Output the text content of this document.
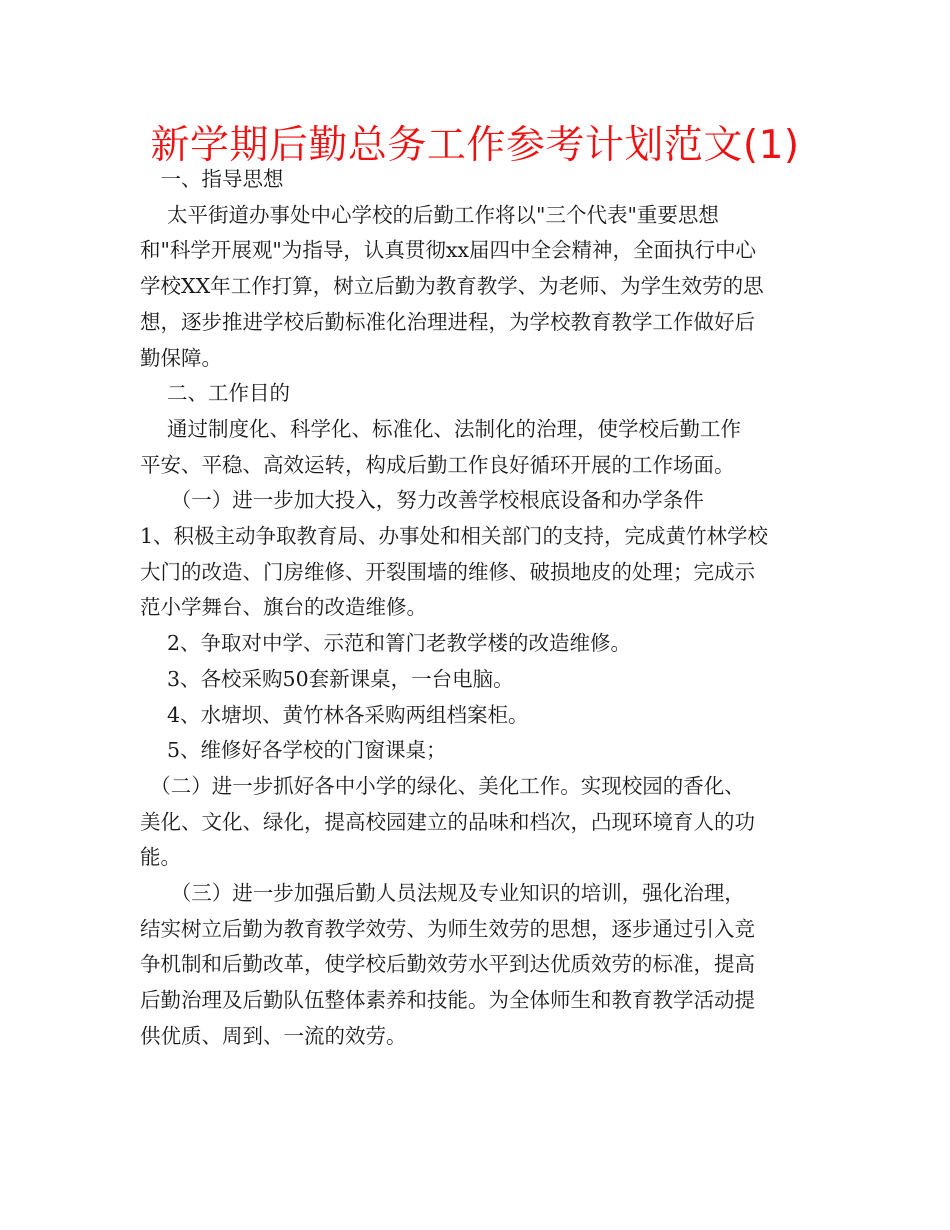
新学期后勤总务工作参考计划范文(1)

　一、指导思想

　 太平街道办事处中心学校的后勤工作将以"三个代表"重要思想
和"科学开展观"为指导，认真贯彻xx届四中全会精神，全面执行中心
学校XX年工作打算，树立后勤为教育教学、为老师、为学生效劳的思
想，逐步推进学校后勤标准化治理进程，为学校教育教学工作做好后
勤保障。

　 二、工作目的

　 通过制度化、科学化、标准化、法制化的治理，使学校后勤工作
平安、平稳、高效运转，构成后勤工作良好循环开展的工作场面。

　　（一）进一步加大投入，努力改善学校根底设备和办学条件
1、积极主动争取教育局、办事处和相关部门的支持，完成黄竹林学校
大门的改造、门房维修、开裂围墙的维修、破损地皮的处理；完成示
范小学舞台、旗台的改造维修。

　 2、争取对中学、示范和箐门老教学楼的改造维修。

　 3、各校采购50套新课桌，一台电脑。

　 4、水塘坝、黄竹林各采购两组档案柜。

　 5、维修好各学校的门窗课桌；

　（二）进一步抓好各中小学的绿化、美化工作。实现校园的香化、
美化、文化、绿化，提高校园建立的品味和档次，凸现环境育人的功
能。

　　（三）进一步加强后勤人员法规及专业知识的培训，强化治理，
结实树立后勤为教育教学效劳、为师生效劳的思想，逐步通过引入竞
争机制和后勤改革，使学校后勤效劳水平到达优质效劳的标准，提高
后勤治理及后勤队伍整体素养和技能。为全体师生和教育教学活动提
供优质、周到、一流的效劳。
